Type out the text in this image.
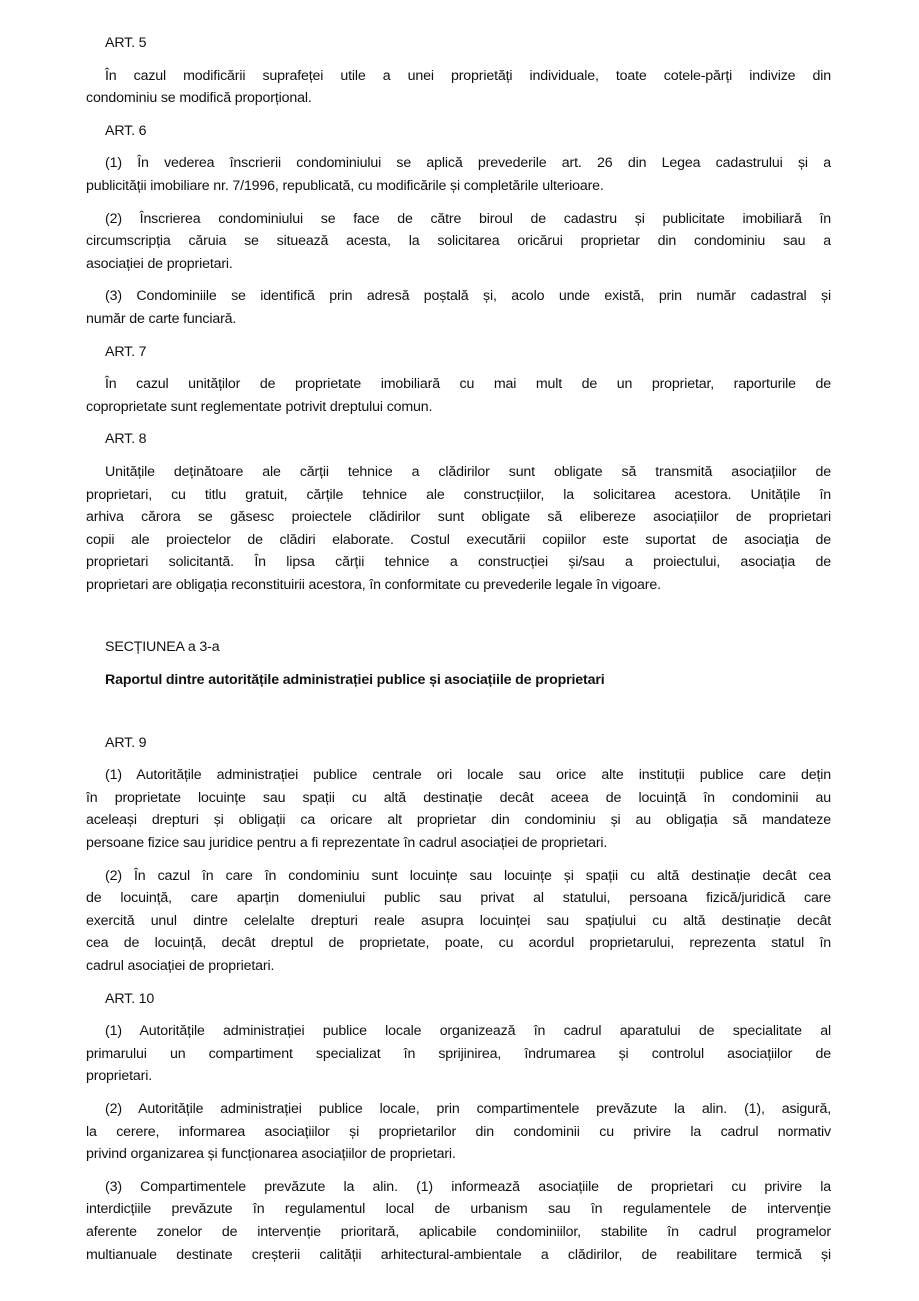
ART. 5
În cazul modificării suprafeței utile a unei proprietăți individuale, toate cotele-părți indivize din
condominiu se modifică proporțional.
ART. 6
(1) În vederea înscrierii condominiului se aplică prevederile art. 26 din Legea cadastrului și a
publicității imobiliare nr. 7/1996, republicată, cu modificările și completările ulterioare.
(2) Înscrierea condominiului se face de către biroul de cadastru și publicitate imobiliară în
circumscripția căruia se situează acesta, la solicitarea oricărui proprietar din condominiu sau a
asociației de proprietari.
(3) Condominiile se identifică prin adresă poștală și, acolo unde există, prin număr cadastral și
număr de carte funciară.
ART. 7
În cazul unităților de proprietate imobiliară cu mai mult de un proprietar, raporturile de
coproprietate sunt reglementate potrivit dreptului comun.
ART. 8
Unitățile deținătoare ale cărții tehnice a clădirilor sunt obligate să transmită asociațiilor de
proprietari, cu titlu gratuit, cărțile tehnice ale construcțiilor, la solicitarea acestora. Unitățile în
arhiva cărora se găsesc proiectele clădirilor sunt obligate să elibereze asociațiilor de proprietari
copii ale proiectelor de clădiri elaborate. Costul executării copiilor este suportat de asociația de
proprietari solicitantă. În lipsa cărții tehnice a construcției și/sau a proiectului, asociația de
proprietari are obligația reconstituirii acestora, în conformitate cu prevederile legale în vigoare.
SECȚIUNEA a 3-a
Raportul dintre autoritățile administrației publice și asociațiile de proprietari
ART. 9
(1) Autoritățile administrației publice centrale ori locale sau orice alte instituții publice care dețin
în proprietate locuințe sau spații cu altă destinație decât aceea de locuință în condominii au
aceleași drepturi și obligații ca oricare alt proprietar din condominiu și au obligația să mandateze
persoane fizice sau juridice pentru a fi reprezentate în cadrul asociației de proprietari.
(2) În cazul în care în condominiu sunt locuințe sau locuințe și spații cu altă destinație decât cea
de locuință, care aparțin domeniului public sau privat al statului, persoana fizică/juridică care
exercită unul dintre celelalte drepturi reale asupra locuinței sau spațiului cu altă destinație decât
cea de locuință, decât dreptul de proprietate, poate, cu acordul proprietarului, reprezenta statul în
cadrul asociației de proprietari.
ART. 10
(1) Autoritățile administrației publice locale organizează în cadrul aparatului de specialitate al
primarului un compartiment specializat în sprijinirea, îndrumarea și controlul asociațiilor de
proprietari.
(2) Autoritățile administrației publice locale, prin compartimentele prevăzute la alin. (1), asigură,
la cerere, informarea asociațiilor și proprietarilor din condominii cu privire la cadrul normativ
privind organizarea și funcționarea asociațiilor de proprietari.
(3) Compartimentele prevăzute la alin. (1) informează asociațiile de proprietari cu privire la
interdicțiile prevăzute în regulamentul local de urbanism sau în regulamentele de intervenție
aferente zonelor de intervenție prioritară, aplicabile condominiilor, stabilite în cadrul programelor
multianuale destinate creșterii calității arhitectural-ambientale a clădirilor, de reabilitare termică și
